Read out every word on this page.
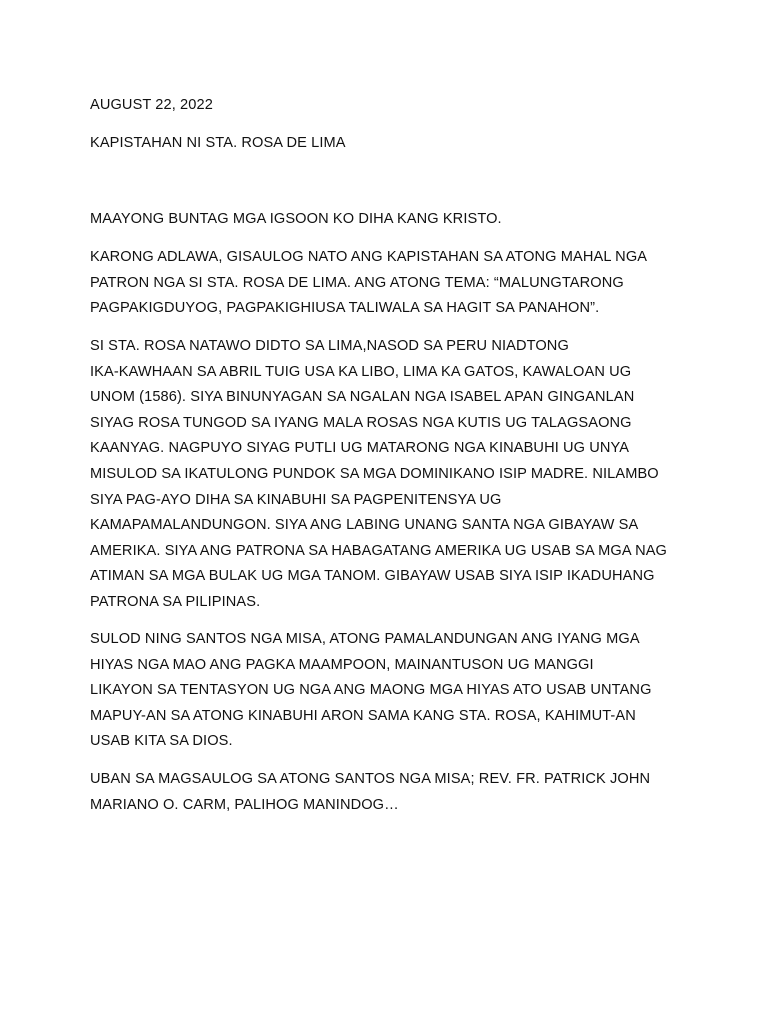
AUGUST 22, 2022
KAPISTAHAN NI STA. ROSA DE LIMA
MAAYONG BUNTAG MGA IGSOON KO DIHA KANG KRISTO.
KARONG ADLAWA, GISAULOG NATO ANG KAPISTAHAN SA ATONG MAHAL NGA
PATRON NGA SI STA. ROSA DE LIMA. ANG ATONG TEMA: “MALUNGTARONG
PAGPAKIGDUYOG, PAGPAKIGHIUSA TALIWALA SA HAGIT SA PANAHON”.
SI STA. ROSA NATAWO DIDTO SA LIMA,NASOD SA PERU NIADTONG
IKA-KAWHAAN SA ABRIL TUIG USA KA LIBO, LIMA KA GATOS, KAWALOAN UG
UNOM (1586). SIYA BINUNYAGAN SA NGALAN NGA ISABEL APAN GINGANLAN
SIYAG ROSA TUNGOD SA IYANG MALA ROSAS NGA KUTIS UG TALAGSAONG
KAANYAG. NAGPUYO SIYAG PUTLI UG MATARONG NGA KINABUHI UG UNYA
MISULOD SA IKATULONG PUNDOK SA MGA DOMINIKANO ISIP MADRE. NILAMBO
SIYA PAG-AYO DIHA SA KINABUHI SA PAGPENITENSYA UG
KAMAPAMALANDUNGON. SIYA ANG LABING UNANG SANTA NGA GIBAYAW SA
AMERIKA. SIYA ANG PATRONA SA HABAGATANG AMERIKA UG USAB SA MGA NAG
ATIMAN SA MGA BULAK UG MGA TANOM. GIBAYAW USAB SIYA ISIP IKADUHANG
PATRONA SA PILIPINAS.
SULOD NING SANTOS NGA MISA, ATONG PAMALANDUNGAN ANG IYANG MGA
HIYAS NGA MAO ANG PAGKA MAAMPOON, MAINANTUSON UG MANGGI
LIKAYON SA TENTASYON UG NGA ANG MAONG MGA HIYAS ATO USAB UNTANG
MAPUY-AN SA ATONG KINABUHI ARON SAMA KANG STA. ROSA, KAHIMUT-AN
USAB KITA SA DIOS.
UBAN SA MAGSAULOG SA ATONG SANTOS NGA MISA; REV. FR. PATRICK JOHN
MARIANO O. CARM, PALIHOG MANINDOG…
